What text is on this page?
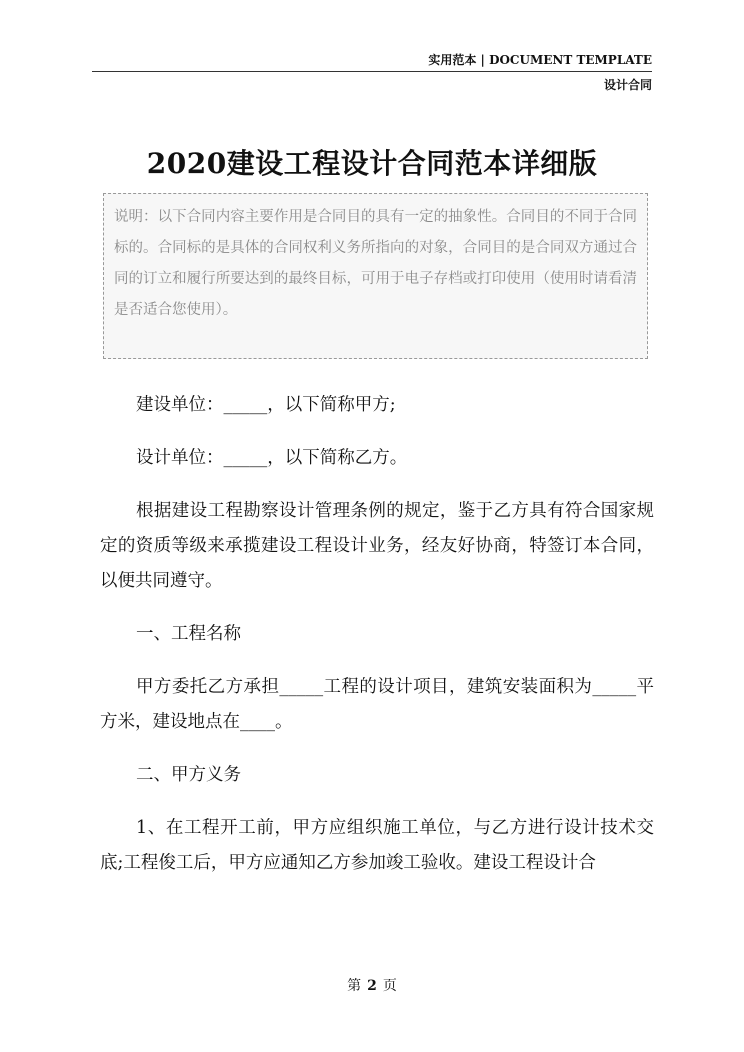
实用范本 | DOCUMENT TEMPLATE
设计合同
2020建设工程设计合同范本详细版
说明：以下合同内容主要作用是合同目的具有一定的抽象性。合同目的不同于合同标的。合同标的是具体的合同权利义务所指向的对象，合同目的是合同双方通过合同的订立和履行所要达到的最终目标，可用于电子存档或打印使用（使用时请看清是否适合您使用）。

建设单位：_____，以下简称甲方;

设计单位：_____，以下简称乙方。

根据建设工程勘察设计管理条例的规定，鉴于乙方具有符合国家规定的资质等级来承揽建设工程设计业务，经友好协商，特签订本合同，以便共同遵守。

一、工程名称

甲方委托乙方承担_____工程的设计项目，建筑安装面积为_____平方米，建设地点在____。

二、甲方义务

1、在工程开工前，甲方应组织施工单位，与乙方进行设计技术交底;工程俊工后，甲方应通知乙方参加竣工验收。建设工程设计合

第 2 页
